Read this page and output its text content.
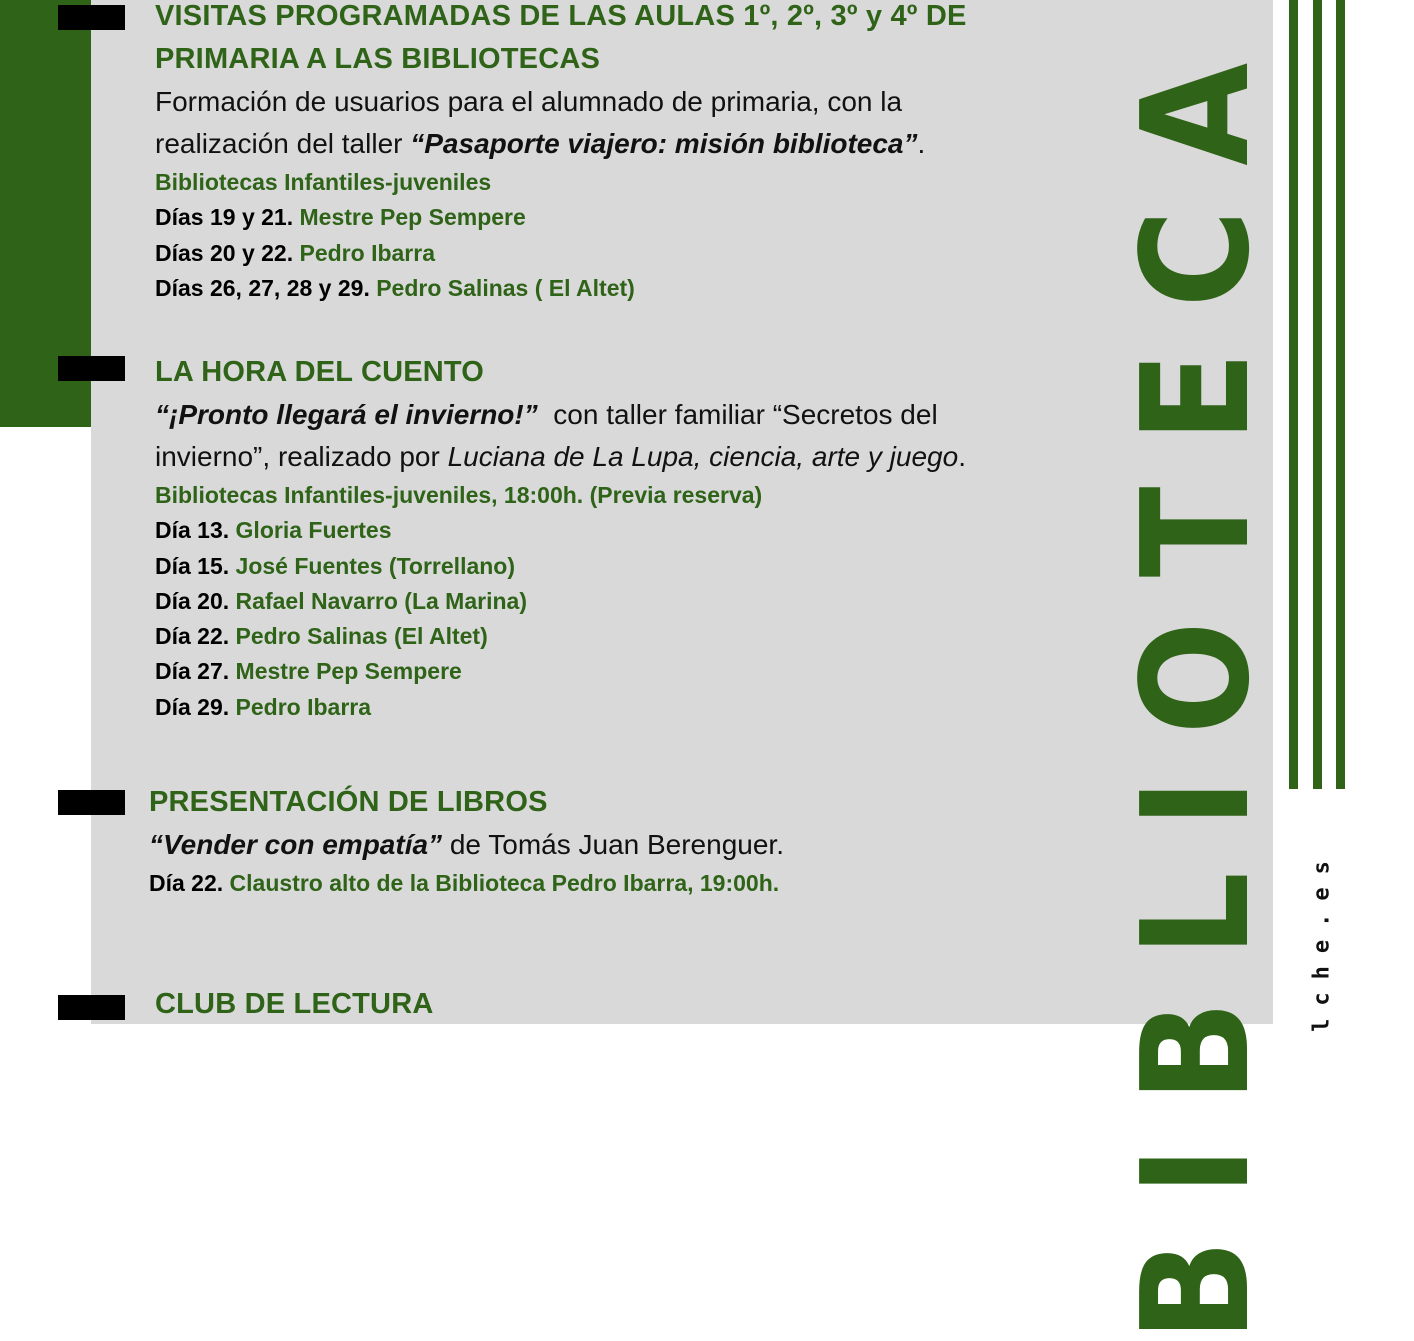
VISITAS PROGRAMADAS DE LAS AULAS 1º, 2º, 3º y 4º DE

PRIMARIA A LAS BIBLIOTECAS

Formación de usuarios para el alumnado de primaria, con la

realización del taller “Pasaporte viajero: misión biblioteca”.

Bibliotecas Infantiles-juveniles
Días 19 y 21. Mestre Pep Sempere
Días 20 y 22. Pedro Ibarra
Días 26, 27, 28 y 29. Pedro Salinas ( El Altet)

LA HORA DEL CUENTO

“¡Pronto llegará el invierno!”  con taller familiar “Secretos del

invierno”, realizado por Luciana de La Lupa, ciencia, arte y juego.

Bibliotecas Infantiles-juveniles, 18:00h. (Previa reserva)
Día 13. Gloria Fuertes
Día 15. José Fuentes (Torrellano)
Día 20. Rafael Navarro (La Marina)
Día 22. Pedro Salinas (El Altet)
Día 27. Mestre Pep Sempere
Día 29. Pedro Ibarra

PRESENTACIÓN DE LIBROS

“Vender con empatía” de Tomás Juan Berenguer.

Día 22. Claustro alto de la Biblioteca Pedro Ibarra, 19:00h.

CLUB DE LECTURA	BIBLIOTECA lche.es
